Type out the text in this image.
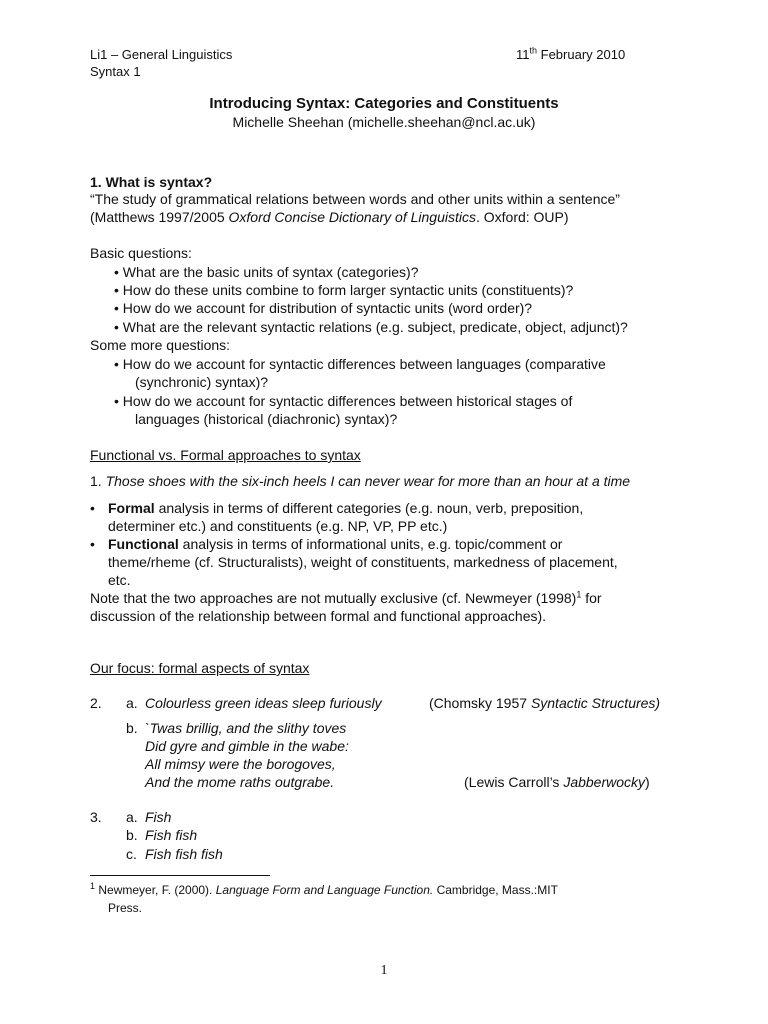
Li1 – General Linguistics
Syntax 1
11th February 2010
Introducing Syntax: Categories and Constituents
Michelle Sheehan (michelle.sheehan@ncl.ac.uk)
1. What is syntax?
“The study of grammatical relations between words and other units within a sentence”
(Matthews 1997/2005 Oxford Concise Dictionary of Linguistics. Oxford: OUP)
Basic questions:
• What are the basic units of syntax (categories)?
• How do these units combine to form larger syntactic units (constituents)?
• How do we account for distribution of syntactic units (word order)?
• What are the relevant syntactic relations (e.g. subject, predicate, object, adjunct)?
Some more questions:
• How do we account for syntactic differences between languages (comparative
(synchronic) syntax)?
• How do we account for syntactic differences between historical stages of
languages (historical (diachronic) syntax)?
Functional vs. Formal approaches to syntax
1. Those shoes with the six-inch heels I can never wear for more than an hour at a time
• Formal analysis in terms of different categories (e.g. noun, verb, preposition,
determiner etc.) and constituents (e.g. NP, VP, PP etc.)
• Functional analysis in terms of informational units, e.g. topic/comment or
theme/rheme (cf. Structuralists), weight of constituents, markedness of placement,
etc.
Note that the two approaches are not mutually exclusive (cf. Newmeyer $(1998)^1$ for
discussion of the relationship between formal and functional approaches).
Our focus: formal aspects of syntax
2. a. Colourless green ideas sleep furiously	(Chomsky 1957 Syntactic Structures)
b. `Twas brillig, and the slithy toves
Did gyre and gimble in the wabe:
All mimsy were the borogoves,
And the mome raths outgrabe.	(Lewis Carroll’s Jabberwocky)
3. a. Fish
b. Fish fish
c. Fish fish fish
$^1$ Newmeyer, F. (2000). Language Form and Language Function. Cambridge, Mass.:MIT
Press.
1
